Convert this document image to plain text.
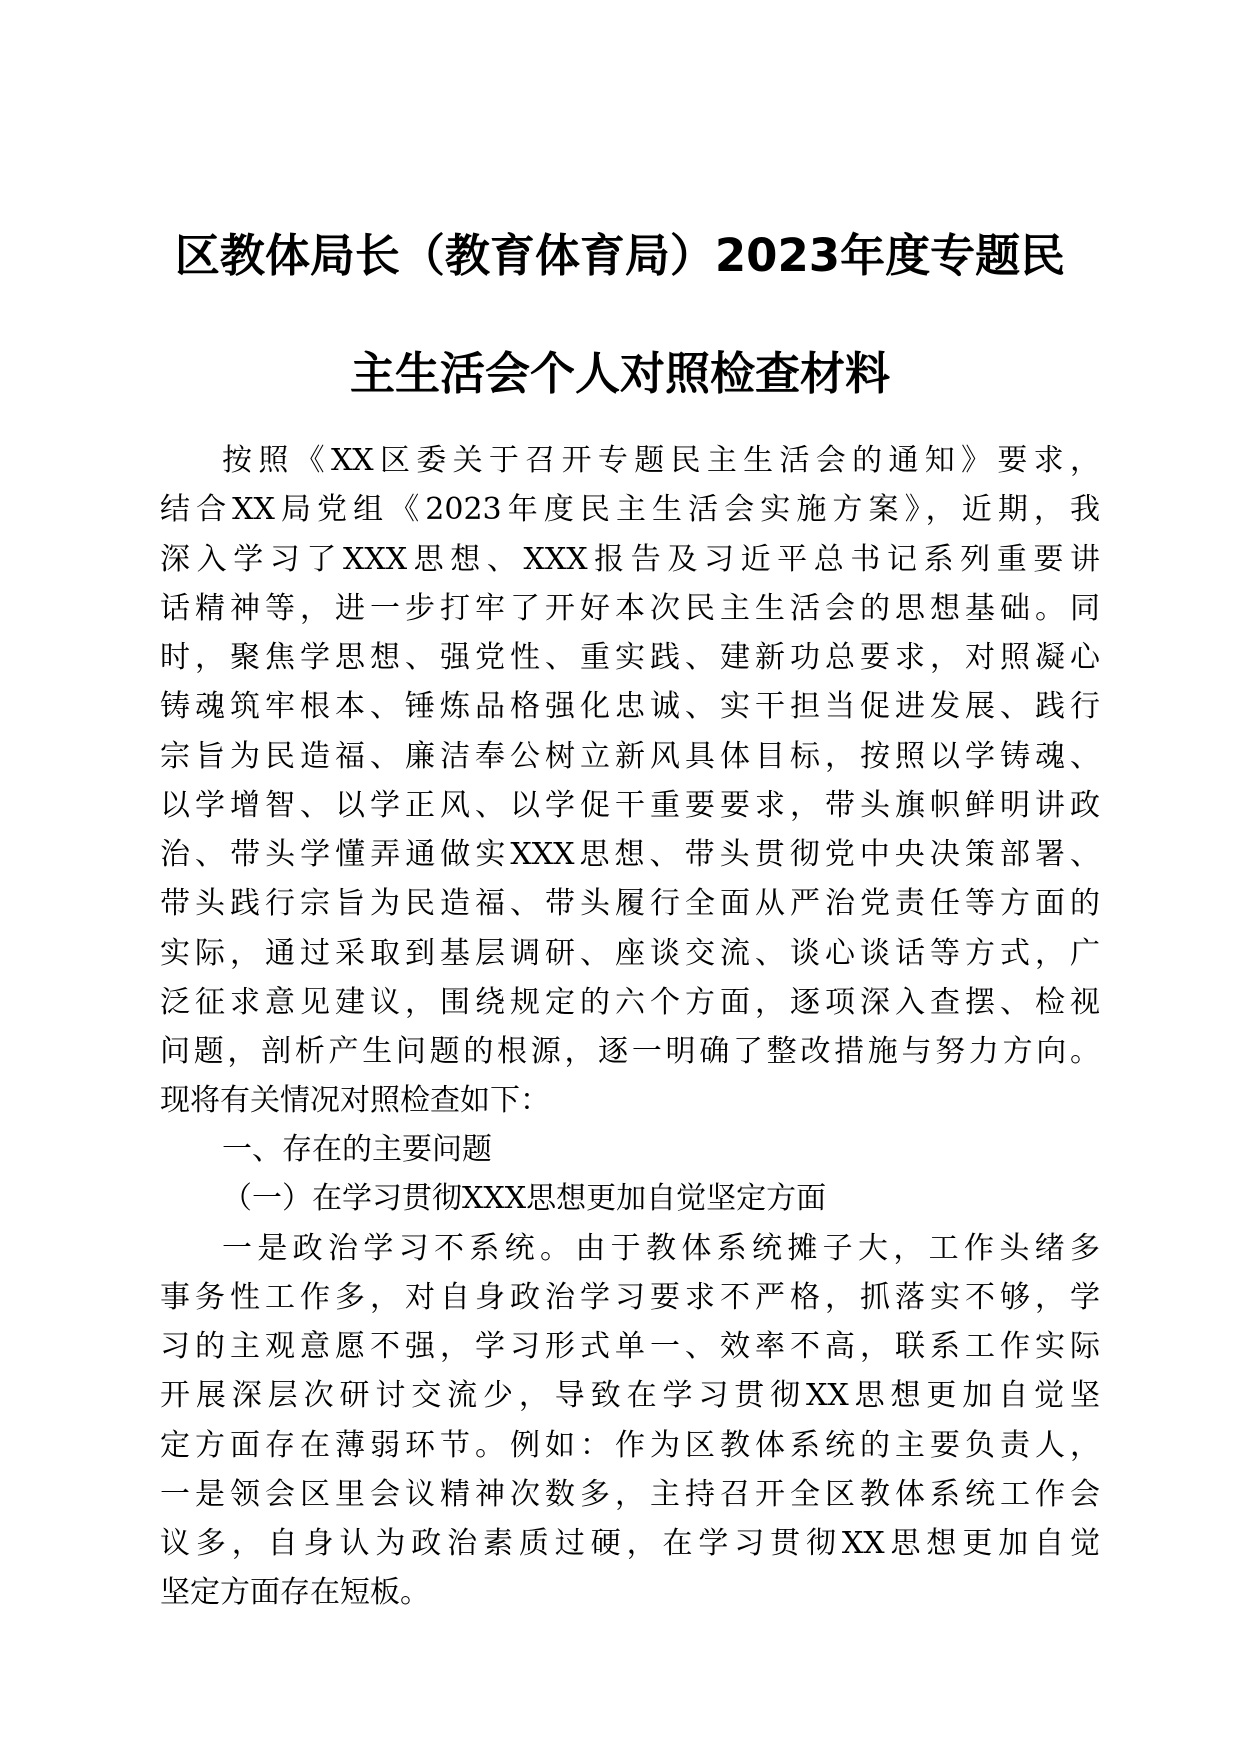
区教体局长（教育体育局）2023年度专题民
主生活会个人对照检查材料
按照《XX区委关于召开专题民主生活会的通知》要求，
结合XX局党组《2023年度民主生活会实施方案》，近期，我
深入学习了XXX思想、XXX报告及习近平总书记系列重要讲
话精神等，进一步打牢了开好本次民主生活会的思想基础。同
时，聚焦学思想、强党性、重实践、建新功总要求，对照凝心
铸魂筑牢根本、锤炼品格强化忠诚、实干担当促进发展、践行
宗旨为民造福、廉洁奉公树立新风具体目标，按照以学铸魂、
以学增智、以学正风、以学促干重要要求，带头旗帜鲜明讲政
治、带头学懂弄通做实XXX思想、带头贯彻党中央决策部署、
带头践行宗旨为民造福、带头履行全面从严治党责任等方面的
实际，通过采取到基层调研、座谈交流、谈心谈话等方式，广
泛征求意见建议，围绕规定的六个方面，逐项深入查摆、检视
问题，剖析产生问题的根源，逐一明确了整改措施与努力方向。
现将有关情况对照检查如下：
一、存在的主要问题
（一）在学习贯彻XXX思想更加自觉坚定方面
一是政治学习不系统。由于教体系统摊子大，工作头绪多
事务性工作多，对自身政治学习要求不严格，抓落实不够，学
习的主观意愿不强，学习形式单一、效率不高，联系工作实际
开展深层次研讨交流少，导致在学习贯彻XX思想更加自觉坚
定方面存在薄弱环节。例如：作为区教体系统的主要负责人，
一是领会区里会议精神次数多，主持召开全区教体系统工作会
议多，自身认为政治素质过硬，在学习贯彻XX思想更加自觉
坚定方面存在短板。
